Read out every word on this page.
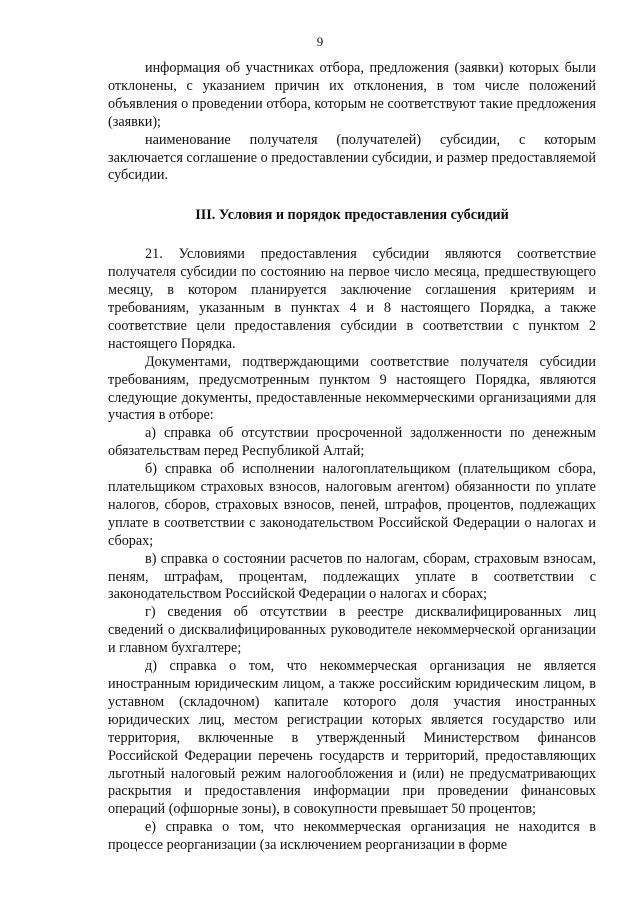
9

информация об участниках отбора, предложения (заявки) которых были отклонены, с указанием причин их отклонения, в том числе положений объявления о проведении отбора, которым не соответствуют такие предложения (заявки);

наименование получателя (получателей) субсидии, с которым заключается соглашение о предоставлении субсидии, и размер предоставляемой субсидии.

III. Условия и порядок предоставления субсидий

21. Условиями предоставления субсидии являются соответствие получателя субсидии по состоянию на первое число месяца, предшествующего месяцу, в котором планируется заключение соглашения критериям и требованиям, указанным в пунктах 4 и 8 настоящего Порядка, а также соответствие цели предоставления субсидии в соответствии с пунктом 2 настоящего Порядка.

Документами, подтверждающими соответствие получателя субсидии требованиям, предусмотренным пунктом 9 настоящего Порядка, являются следующие документы, предоставленные некоммерческими организациями для участия в отборе:

а) справка об отсутствии просроченной задолженности по денежным обязательствам перед Республикой Алтай;

б) справка об исполнении налогоплательщиком (плательщиком сбора, плательщиком страховых взносов, налоговым агентом) обязанности по уплате налогов, сборов, страховых взносов, пеней, штрафов, процентов, подлежащих уплате в соответствии с законодательством Российской Федерации о налогах и сборах;

в) справка о состоянии расчетов по налогам, сборам, страховым взносам, пеням, штрафам, процентам, подлежащих уплате в соответствии с законодательством Российской Федерации о налогах и сборах;

г) сведения об отсутствии в реестре дисквалифицированных лиц сведений о дисквалифицированных руководителе некоммерческой организации и главном бухгалтере;

д) справка о том, что некоммерческая организация не является иностранным юридическим лицом, а также российским юридическим лицом, в уставном (складочном) капитале которого доля участия иностранных юридических лиц, местом регистрации которых является государство или территория, включенные в утвержденный Министерством финансов Российской Федерации перечень государств и территорий, предоставляющих льготный налоговый режим налогообложения и (или) не предусматривающих раскрытия и предоставления информации при проведении финансовых операций (офшорные зоны), в совокупности превышает 50 процентов;

е) справка о том, что некоммерческая организация не находится в процессе реорганизации (за исключением реорганизации в форме
